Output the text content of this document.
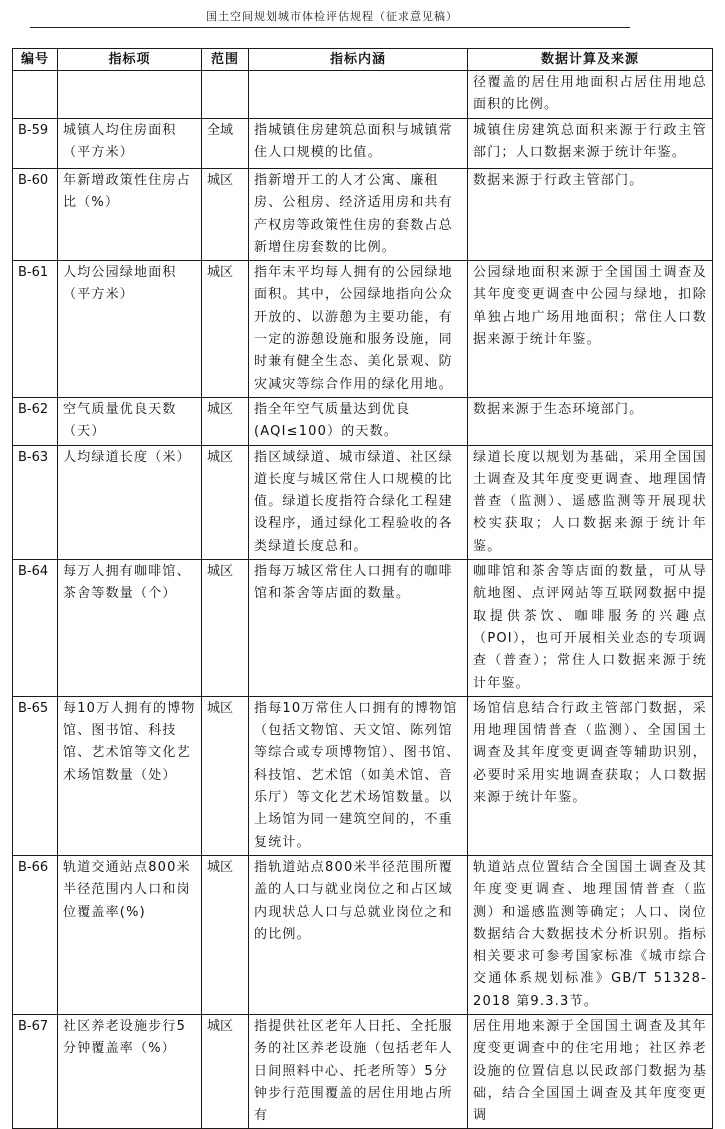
国土空间规划城市体检评估规程（征求意见稿）
编号	指标项	范围	指标内涵	数据计算及来源
				径覆盖的居住用地面积占居住用地总面积的比例。
B-59	城镇人均住房面积（平方米）	全域	指城镇住房建筑总面积与城镇常住人口规模的比值。	城镇住房建筑总面积来源于行政主管部门；人口数据来源于统计年鉴。
B-60	年新增政策性住房占比（%）	城区	指新增开工的人才公寓、廉租房、公租房、经济适用房和共有产权房等政策性住房的套数占总新增住房套数的比例。	数据来源于行政主管部门。
B-61	人均公园绿地面积（平方米）	城区	指年末平均每人拥有的公园绿地面积。其中，公园绿地指向公众开放的、以游憩为主要功能，有一定的游憩设施和服务设施，同时兼有健全生态、美化景观、防灾减灾等综合作用的绿化用地。	公园绿地面积来源于全国国土调查及其年度变更调查中公园与绿地，扣除单独占地广场用地面积；常住人口数据来源于统计年鉴。
B-62	空气质量优良天数（天）	城区	指全年空气质量达到优良(AQI≤100）的天数。	数据来源于生态环境部门。
B-63	人均绿道长度（米）	城区	指区域绿道、城市绿道、社区绿道长度与城区常住人口规模的比值。绿道长度指符合绿化工程建设程序，通过绿化工程验收的各类绿道长度总和。	绿道长度以规划为基础，采用全国国土调查及其年度变更调查、地理国情普查（监测）、遥感监测等开展现状校实获取；人口数据来源于统计年鉴。
B-64	每万人拥有咖啡馆、茶舍等数量（个）	城区	指每万城区常住人口拥有的咖啡馆和茶舍等店面的数量。	咖啡馆和茶舍等店面的数量，可从导航地图、点评网站等互联网数据中提取提供茶饮、咖啡服务的兴趣点（POI），也可开展相关业态的专项调查（普查）；常住人口数据来源于统计年鉴。
B-65	每10万人拥有的博物馆、图书馆、科技馆、艺术馆等文化艺术场馆数量（处）	城区	指每10万常住人口拥有的博物馆（包括文物馆、天文馆、陈列馆等综合或专项博物馆）、图书馆、科技馆、艺术馆（如美术馆、音乐厅）等文化艺术场馆数量。以上场馆为同一建筑空间的，不重复统计。	场馆信息结合行政主管部门数据，采用地理国情普查（监测）、全国国土调查及其年度变更调查等辅助识别，必要时采用实地调查获取；人口数据来源于统计年鉴。
B-66	轨道交通站点800米半径范围内人口和岗位覆盖率(%)	城区	指轨道站点800米半径范围所覆盖的人口与就业岗位之和占区域内现状总人口与总就业岗位之和的比例。	轨道站点位置结合全国国土调查及其年度变更调查、地理国情普查（监测）和遥感监测等确定；人口、岗位数据结合大数据技术分析识别。指标相关要求可参考国家标准《城市综合交通体系规划标准》GB/T 51328-2018 第9.3.3节。
B-67	社区养老设施步行5分钟覆盖率（%）	城区	指提供社区老年人日托、全托服务的社区养老设施（包括老年人日间照料中心、托老所等）5分钟步行范围覆盖的居住用地占所有	居住用地来源于全国国土调查及其年度变更调查中的住宅用地；社区养老设施的位置信息以民政部门数据为基础，结合全国国土调查及其年度变更调
